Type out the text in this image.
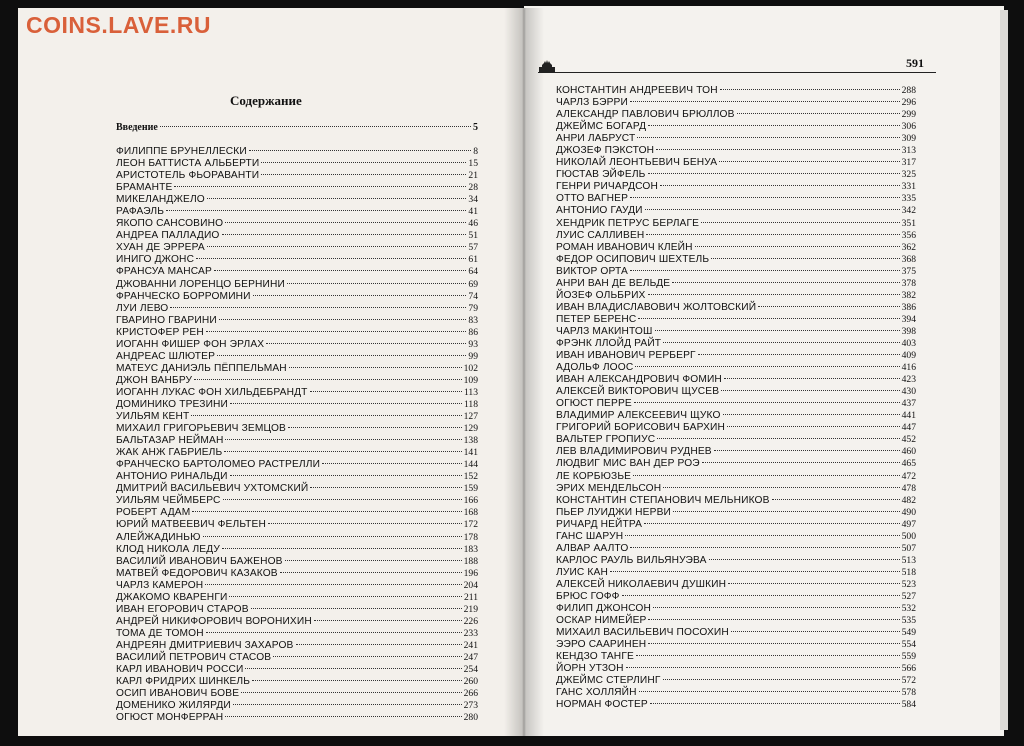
COINS.LAVE.RU
591
Содержание
Введение	5
ФИЛИППЕ БРУНЕЛЛЕСКИ	8
ЛЕОН БАТТИСТА АЛЬБЕРТИ	15
АРИСТОТЕЛЬ ФЬОРАВАНТИ	21
БРАМАНТЕ	28
МИКЕЛАНДЖЕЛО	34
РАФАЭЛЬ	41
ЯКОПО САНСОВИНО	46
АНДРЕА ПАЛЛАДИО	51
ХУАН ДЕ ЭРРЕРА	57
ИНИГО ДЖОНС	61
ФРАНСУА МАНСАР	64
ДЖОВАННИ ЛОРЕНЦО БЕРНИНИ	69
ФРАНЧЕСКО БОРРОМИНИ	74
ЛУИ ЛЕВО	79
ГВАРИНО ГВАРИНИ	83
КРИСТОФЕР РЕН	86
ИОГАНН ФИШЕР ФОН ЭРЛАХ	93
АНДРЕАС ШЛЮТЕР	99
МАТЕУС ДАНИЭЛЬ ПЁППЕЛЬМАН	102
ДЖОН ВАНБРУ	109
ИОГАНН ЛУКАС ФОН ХИЛЬДЕБРАНДТ	113
ДОМИНИКО ТРЕЗИНИ	118
УИЛЬЯМ КЕНТ	127
МИХАИЛ ГРИГОРЬЕВИЧ ЗЕМЦОВ	129
БАЛЬТАЗАР НЕЙМАН	138
ЖАК АНЖ ГАБРИЕЛЬ	141
ФРАНЧЕСКО БАРТОЛОМЕО РАСТРЕЛЛИ	144
АНТОНИО РИНАЛЬДИ	152
ДМИТРИЙ ВАСИЛЬЕВИЧ УХТОМСКИЙ	159
УИЛЬЯМ ЧЕЙМБЕРС	166
РОБЕРТ АДАМ	168
ЮРИЙ МАТВЕЕВИЧ ФЕЛЬТЕН	172
АЛЕЙЖАДИНЬЮ	178
КЛОД НИКОЛА ЛЕДУ	183
ВАСИЛИЙ ИВАНОВИЧ БАЖЕНОВ	188
МАТВЕЙ ФЕДОРОВИЧ КАЗАКОВ	196
ЧАРЛЗ КАМЕРОН	204
ДЖАКОМО КВАРЕНГИ	211
ИВАН ЕГОРОВИЧ СТАРОВ	219
АНДРЕЙ НИКИФОРОВИЧ ВОРОНИХИН	226
ТОМА ДЕ ТОМОН	233
АНДРЕЯН ДМИТРИЕВИЧ ЗАХАРОВ	241
ВАСИЛИЙ ПЕТРОВИЧ СТАСОВ	247
КАРЛ ИВАНОВИЧ РОССИ	254
КАРЛ ФРИДРИХ ШИНКЕЛЬ	260
ОСИП ИВАНОВИЧ БОВЕ	266
ДОМЕНИКО ЖИЛЯРДИ	273
ОГЮСТ МОНФЕРРАН	280
КОНСТАНТИН АНДРЕЕВИЧ ТОН	288
ЧАРЛЗ БЭРРИ	296
АЛЕКСАНДР ПАВЛОВИЧ БРЮЛЛОВ	299
ДЖЕЙМС БОГАРД	306
АНРИ ЛАБРУСТ	309
ДЖОЗЕФ ПЭКСТОН	313
НИКОЛАЙ ЛЕОНТЬЕВИЧ БЕНУА	317
ГЮСТАВ ЭЙФЕЛЬ	325
ГЕНРИ РИЧАРДСОН	331
ОТТО ВАГНЕР	335
АНТОНИО ГАУДИ	342
ХЕНДРИК ПЕТРУС БЕРЛАГЕ	351
ЛУИС САЛЛИВЕН	356
РОМАН ИВАНОВИЧ КЛЕЙН	362
ФЕДОР ОСИПОВИЧ ШЕХТЕЛЬ	368
ВИКТОР ОРТА	375
АНРИ ВАН ДЕ ВЕЛЬДЕ	378
ЙОЗЕФ ОЛЬБРИХ	382
ИВАН ВЛАДИСЛАВОВИЧ ЖОЛТОВСКИЙ	386
ПЕТЕР БЕРЕНС	394
ЧАРЛЗ МАКИНТОШ	398
ФРЭНК ЛЛОЙД РАЙТ	403
ИВАН ИВАНОВИЧ РЕРБЕРГ	409
АДОЛЬФ ЛООС	416
ИВАН АЛЕКСАНДРОВИЧ ФОМИН	423
АЛЕКСЕЙ ВИКТОРОВИЧ ЩУСЕВ	430
ОГЮСТ ПЕРРЕ	437
ВЛАДИМИР АЛЕКСЕЕВИЧ ЩУКО	441
ГРИГОРИЙ БОРИСОВИЧ БАРХИН	447
ВАЛЬТЕР ГРОПИУС	452
ЛЕВ ВЛАДИМИРОВИЧ РУДНЕВ	460
ЛЮДВИГ МИС ВАН ДЕР РОЭ	465
ЛЕ КОРБЮЗЬЕ	472
ЭРИХ МЕНДЕЛЬСОН	478
КОНСТАНТИН СТЕПАНОВИЧ МЕЛЬНИКОВ	482
ПЬЕР ЛУИДЖИ НЕРВИ	490
РИЧАРД НЕЙТРА	497
ГАНС ШАРУН	500
АЛВАР ААЛТО	507
КАРЛОС РАУЛЬ ВИЛЬЯНУЭВА	513
ЛУИС КАН	518
АЛЕКСЕЙ НИКОЛАЕВИЧ ДУШКИН	523
БРЮС ГОФФ	527
ФИЛИП ДЖОНСОН	532
ОСКАР НИМЕЙЕР	535
МИХАИЛ ВАСИЛЬЕВИЧ ПОСОХИН	549
ЭЭРО СААРИНЕН	554
КЕНДЗО ТАНГЕ	559
ЙОРН УТЗОН	566
ДЖЕЙМС СТЕРЛИНГ	572
ГАНС ХОЛЛЯЙН	578
НОРМАН ФОСТЕР	584
